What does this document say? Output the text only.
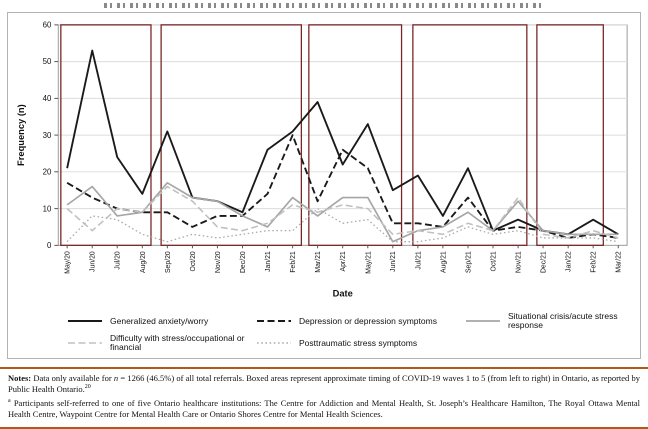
0
10
20
30
40
50
60
May/20	Jun/20	Jul/20	Aug/20	Sep/20	Oct/20	Nov/20	Dec/20	Jan/21	Feb/21	Mar/21	Apr/21	May/21	Jun/21	Jul/21	Aug/21	Sep/21	Oct/21	Nov/21	Dec/21	Jan/22	Feb/22	Mar/22
Date
Frequency (n)
Generalized anxiety/worry	Depression or depression symptoms	Situational crisis/acute stress response
Difficulty with stress/occupational or financial	Posttraumatic stress symptoms

Notes: Data only available for n = 1266 (46.5%) of all total referrals. Boxed areas represent approximate timing of COVID-19 waves 1 to 5 (from left to right) in Ontario, as reported by Public Health Ontario.$^{20}$

$^a$ Participants self-referred to one of five Ontario healthcare institutions: The Centre for Addiction and Mental Health, St. Joseph’s Healthcare Hamilton, The Royal Ottawa Mental Health Centre, Waypoint Centre for Mental Health Care or Ontario Shores Centre for Mental Health Sciences.
